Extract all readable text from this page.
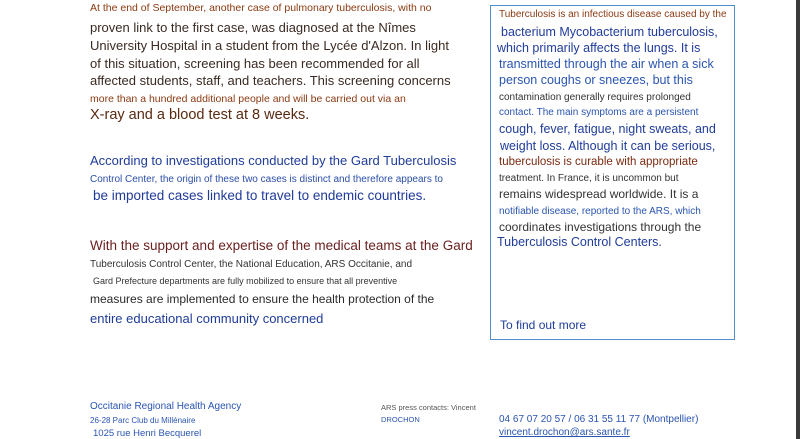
At the end of September, another case of pulmonary tuberculosis, with no
proven link to the first case, was diagnosed at the Nîmes
University Hospital in a student from the Lycée d'Alzon. In light
of this situation, screening has been recommended for all
affected students, staff, and teachers. This screening concerns
more than a hundred additional people and will be carried out via an
X-ray and a blood test at 8 weeks.
According to investigations conducted by the Gard Tuberculosis
Control Center, the origin of these two cases is distinct and therefore appears to
be imported cases linked to travel to endemic countries.
With the support and expertise of the medical teams at the Gard
Tuberculosis Control Center, the National Education, ARS Occitanie, and
Gard Prefecture departments are fully mobilized to ensure that all preventive
measures are implemented to ensure the health protection of the
entire educational community concerned
Tuberculosis is an infectious disease caused by the
bacterium Mycobacterium tuberculosis,
which primarily affects the lungs. It is
transmitted through the air when a sick
person coughs or sneezes, but this
contamination generally requires prolonged
contact. The main symptoms are a persistent
cough, fever, fatigue, night sweats, and
weight loss. Although it can be serious,
tuberculosis is curable with appropriate
treatment. In France, it is uncommon but
remains widespread worldwide. It is a
notifiable disease, reported to the ARS, which
coordinates investigations through the
Tuberculosis Control Centers.
To find out more
Occitanie Regional Health Agency
26-28 Parc Club du Millénaire
1025 rue Henri Becquerel
ARS press contacts: Vincent
DROCHON	04 67 07 20 57 / 06 31 55 11 77 (Montpellier)
vincent.drochon@ars.sante.fr
